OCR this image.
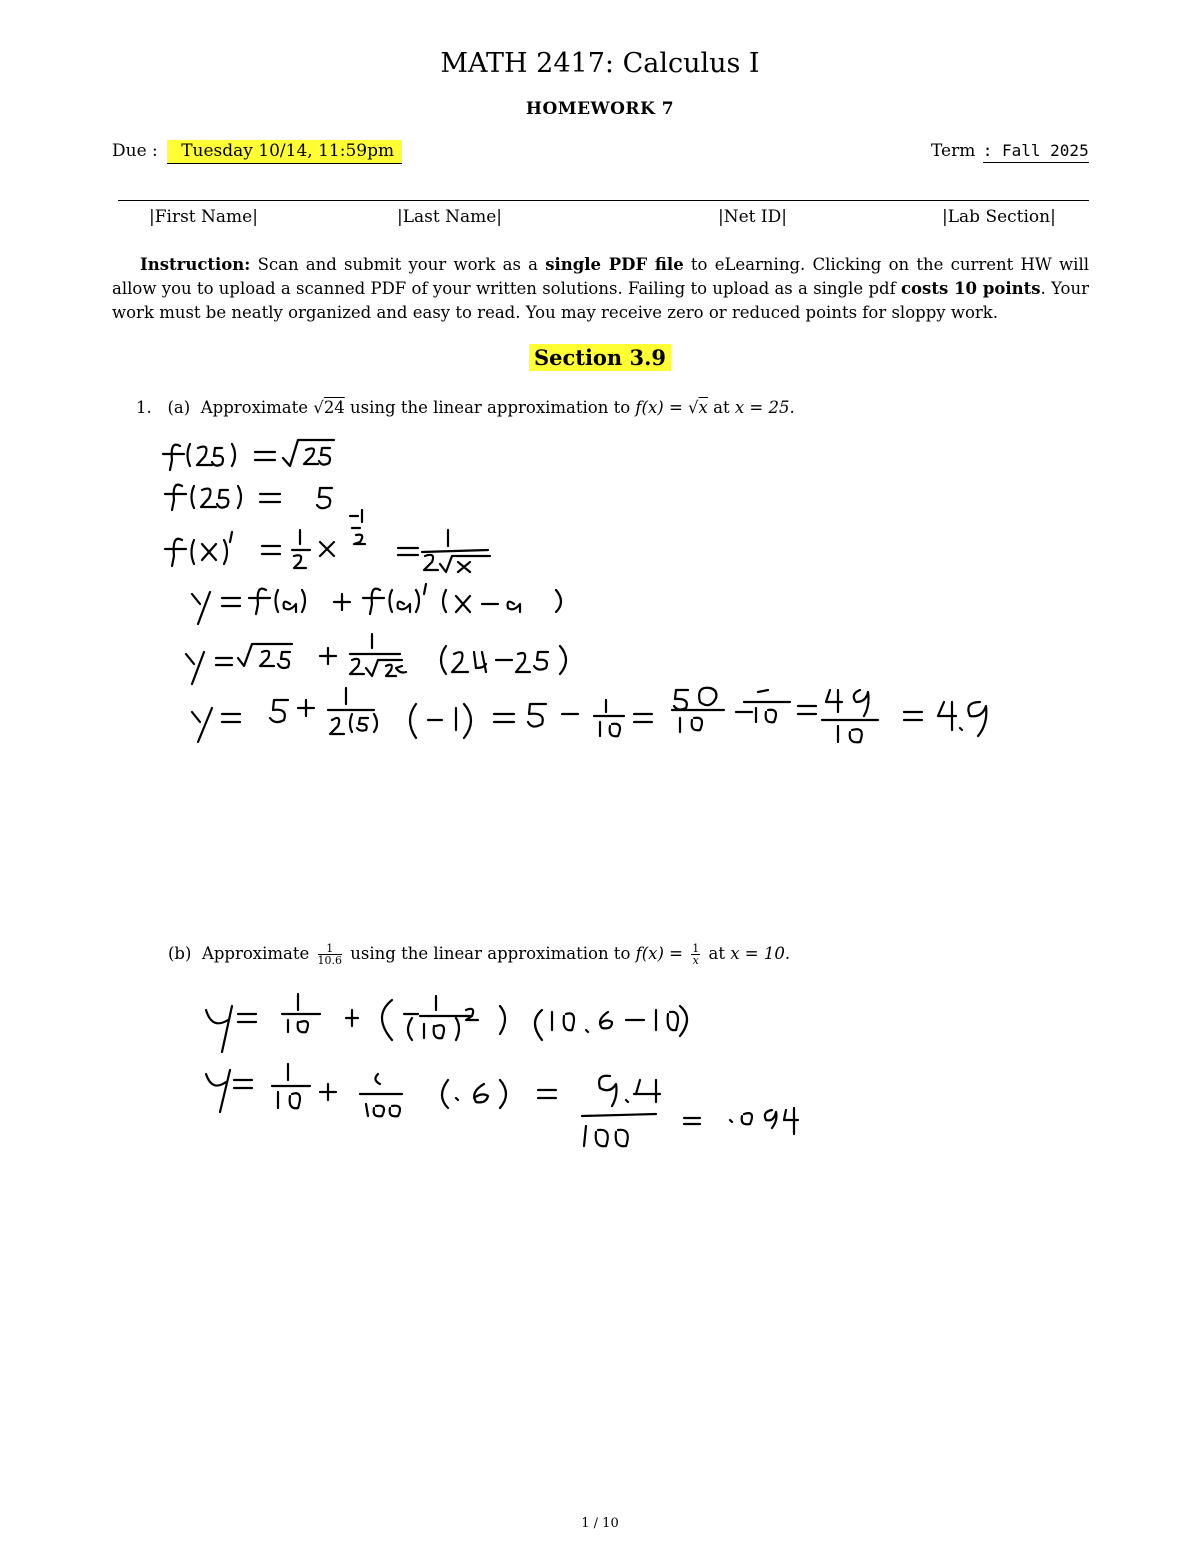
MATH 2417: Calculus I
HOMEWORK 7
Due : Tuesday 10/14, 11:59pm	Term : Fall 2025
|First Name|	|Last Name|	|Net ID|	|Lab Section|
Instruction: Scan and submit your work as a single PDF file to eLearning. Clicking on the current HW will allow you to upload a scanned PDF of your written solutions. Failing to upload as a single pdf costs 10 points. Your work must be neatly organized and easy to read. You may receive zero or reduced points for sloppy work.
Section 3.9
1. (a) Approximate √24 using the linear approximation to f(x) = √x at x = 25.
(b) Approximate $\frac{1}{10.6}$ using the linear approximation to $f(x) = \frac{1}{x}$ at x = 10.
1 / 10
